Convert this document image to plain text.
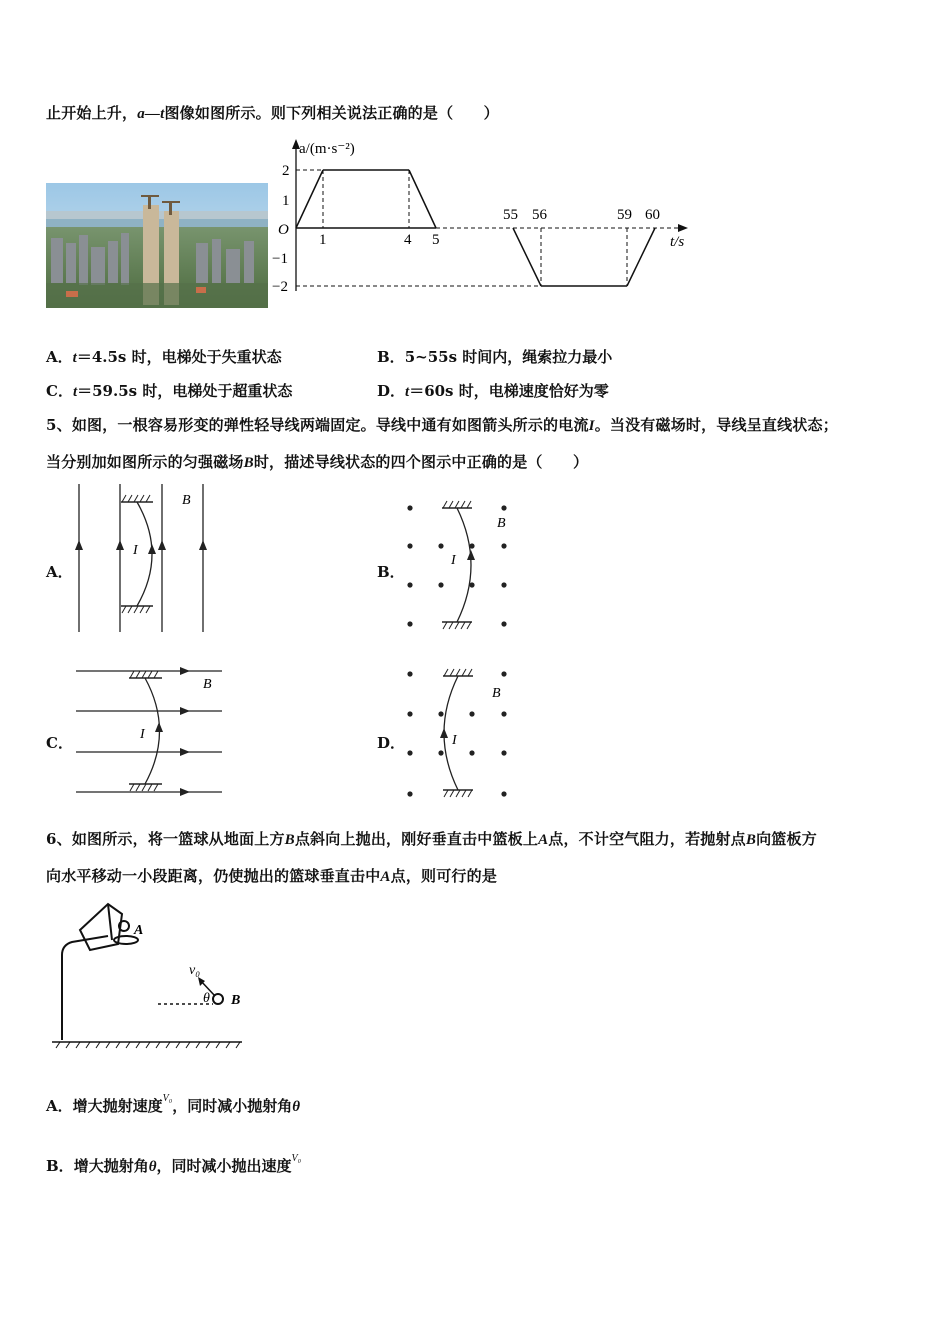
止开始上升，a—t图像如图所示。则下列相关说法正确的是（　　）
a/(m·s⁻²)
t/s
O
2
1
−1
−2
1	4 5
55 56	59 60
A．t＝4.5s 时，电梯处于失重状态	B．5~55s 时间内，绳索拉力最小
C．t＝59.5s 时，电梯处于超重状态	D．t＝60s 时，电梯速度恰好为零
5、如图，一根容易形变的弹性轻导线两端固定。导线中通有如图箭头所示的电流I。当没有磁场时，导线呈直线状态；
当分别加如图所示的匀强磁场B时，描述导线状态的四个图示中正确的是（　　）
A．
I
B
B．
I
B
C．	I
B
D．	I
B
6、如图所示，将一篮球从地面上方B点斜向上抛出，刚好垂直击中篮板上A点，不计空气阻力，若抛射点B向篮板方
向水平移动一小段距离，仍使抛出的篮球垂直击中A点，则可行的是
v₀
θ
A
B
A．增大抛射速度$^{V_0}$，同时减小抛射角θ
B．增大抛射角θ，同时减小抛出速度$^{V_0}$
